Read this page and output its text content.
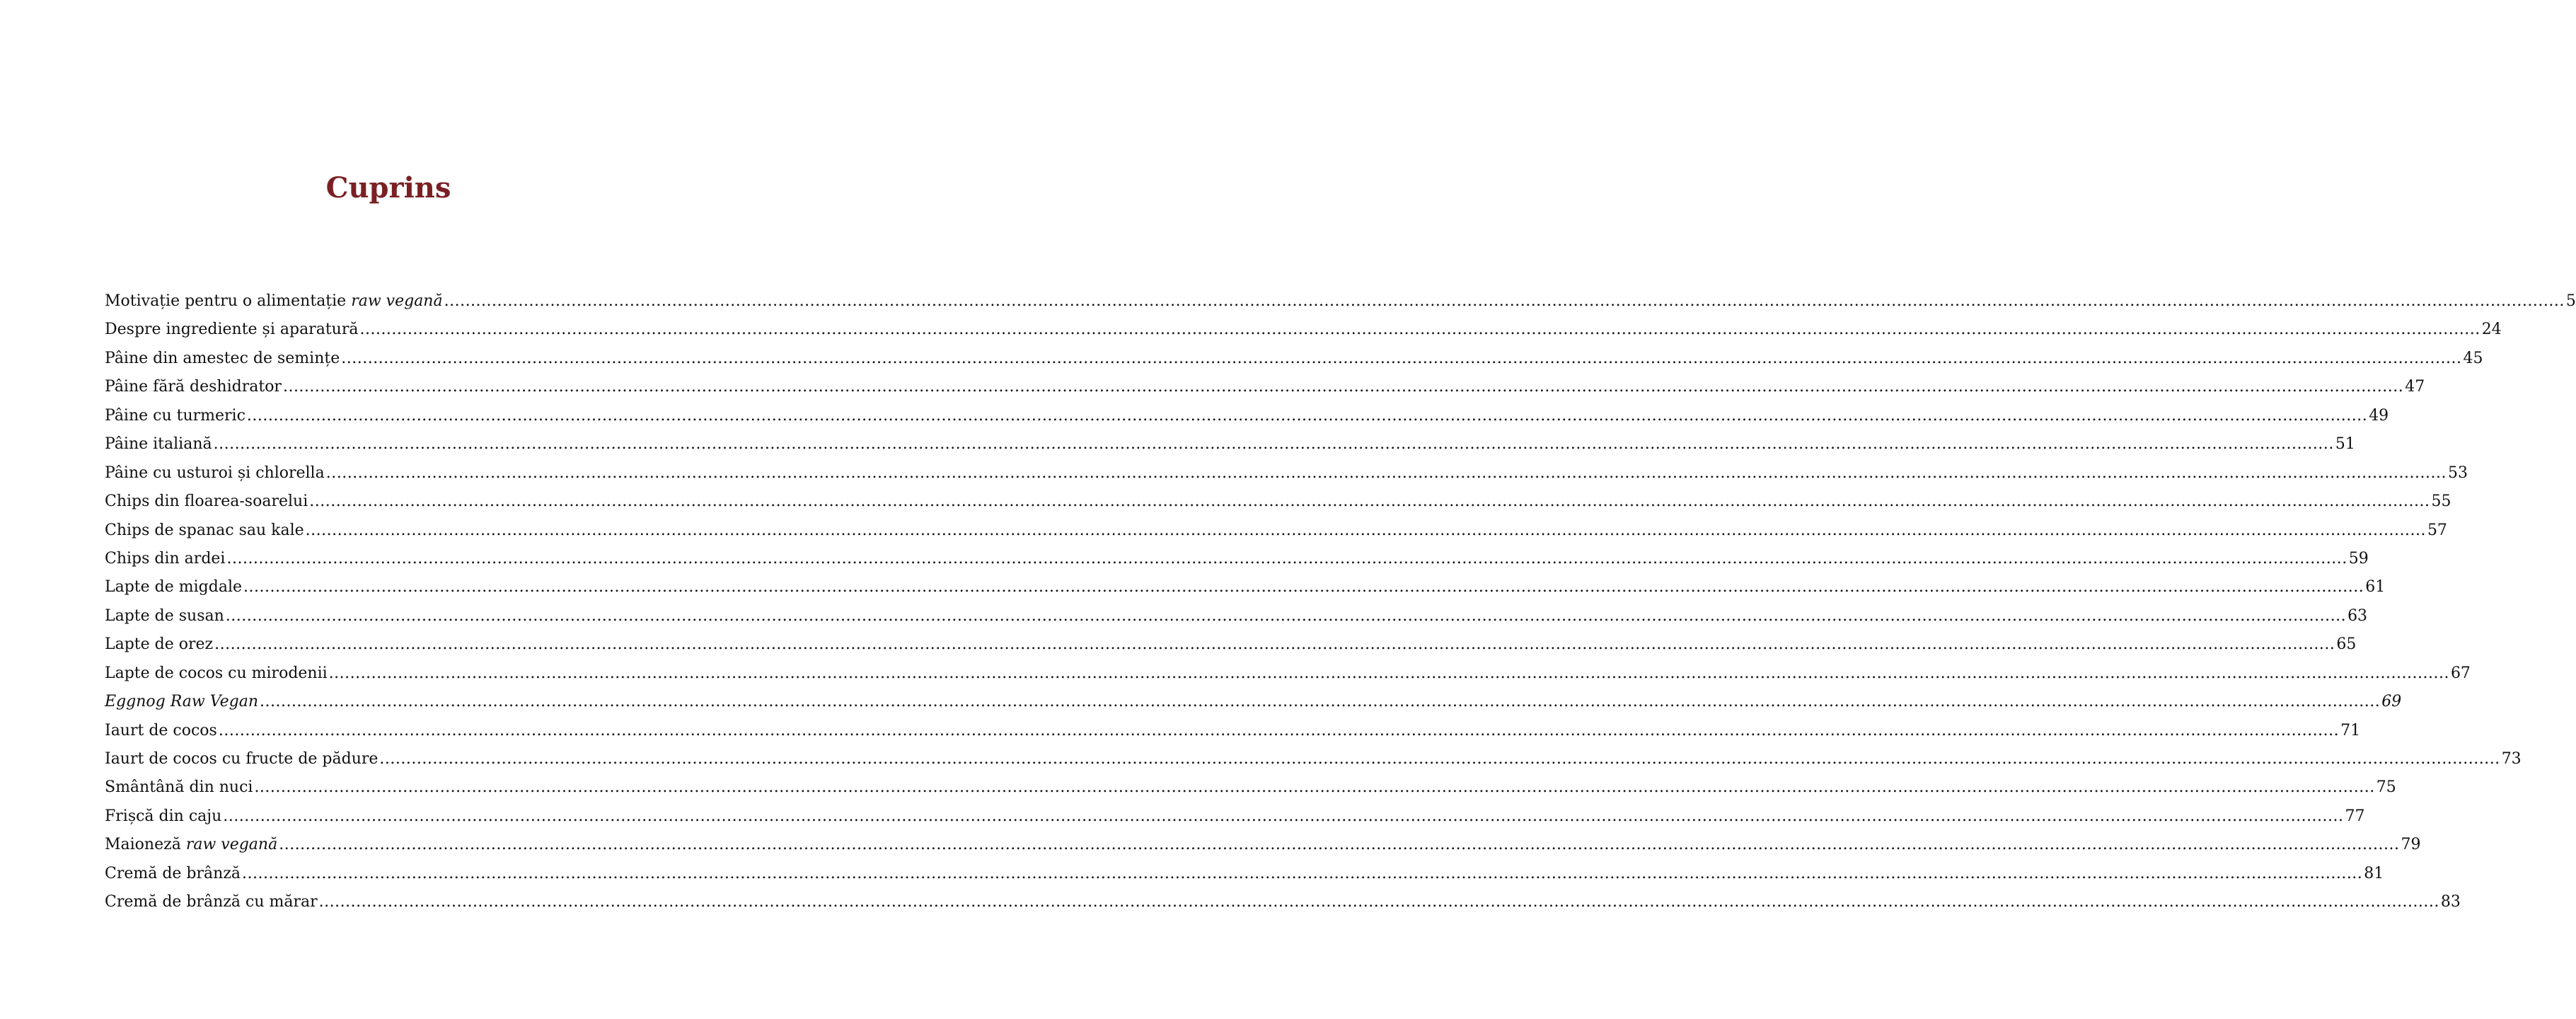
Cuprins
Motivație pentru o alimentație raw vegană ................................................................................................................................................................................................................................................................................................................................................................................................................ 5
Despre ingrediente și aparatură ................................................................................................................................................................................................................................................................................................................................................................................................................ 24
Pâine din amestec de semințe ................................................................................................................................................................................................................................................................................................................................................................................................................ 45
Pâine fără deshidrator ................................................................................................................................................................................................................................................................................................................................................................................................................ 47
Pâine cu turmeric ................................................................................................................................................................................................................................................................................................................................................................................................................ 49
Pâine italiană ................................................................................................................................................................................................................................................................................................................................................................................................................ 51
Pâine cu usturoi și chlorella ................................................................................................................................................................................................................................................................................................................................................................................................................ 53
Chips din floarea-soarelui ................................................................................................................................................................................................................................................................................................................................................................................................................ 55
Chips de spanac sau kale ................................................................................................................................................................................................................................................................................................................................................................................................................ 57
Chips din ardei ................................................................................................................................................................................................................................................................................................................................................................................................................ 59
Lapte de migdale ................................................................................................................................................................................................................................................................................................................................................................................................................ 61
Lapte de susan ................................................................................................................................................................................................................................................................................................................................................................................................................ 63
Lapte de orez ................................................................................................................................................................................................................................................................................................................................................................................................................ 65
Lapte de cocos cu mirodenii ................................................................................................................................................................................................................................................................................................................................................................................................................ 67
Eggnog Raw Vegan ................................................................................................................................................................................................................................................................................................................................................................................................................ 69
Iaurt de cocos ................................................................................................................................................................................................................................................................................................................................................................................................................ 71
Iaurt de cocos cu fructe de pădure ................................................................................................................................................................................................................................................................................................................................................................................................................ 73
Smântână din nuci ................................................................................................................................................................................................................................................................................................................................................................................................................ 75
Frișcă din caju ................................................................................................................................................................................................................................................................................................................................................................................................................ 77
Maioneză raw vegană ................................................................................................................................................................................................................................................................................................................................................................................................................ 79
Cremă de brânză ................................................................................................................................................................................................................................................................................................................................................................................................................ 81
Cremă de brânză cu mărar ................................................................................................................................................................................................................................................................................................................................................................................................................ 83
